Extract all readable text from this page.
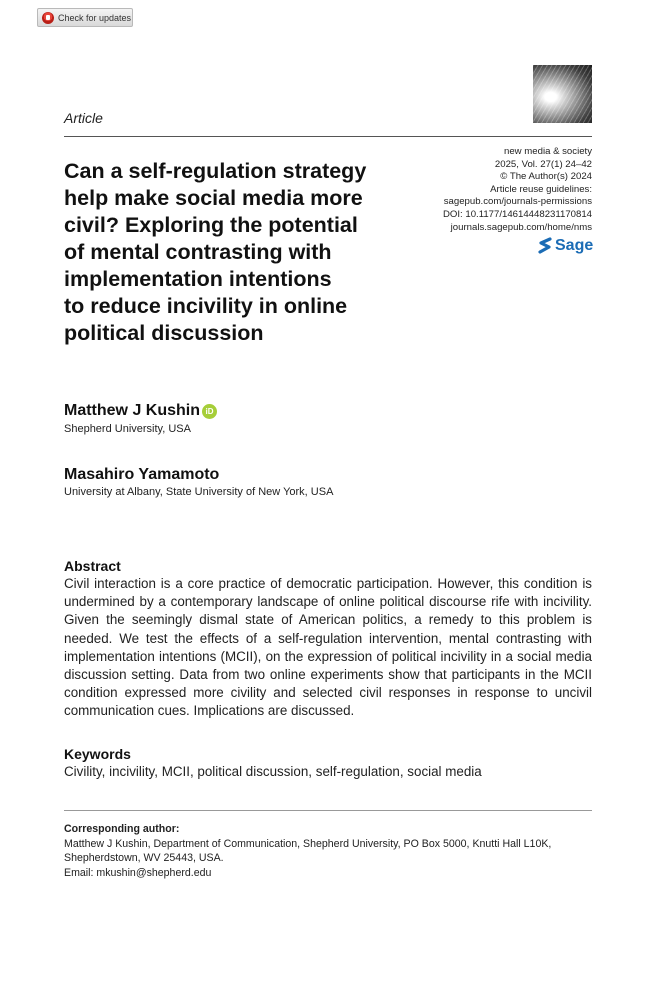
Check for updates
Article
new media & society
2025, Vol. 27(1) 24–42
© The Author(s) 2024
Article reuse guidelines:
sagepub.com/journals-permissions
DOI: 10.1177/14614448231170814
journals.sagepub.com/home/nms
Sage
Can a self-regulation strategy
help make social media more
civil? Exploring the potential
of mental contrasting with
implementation intentions
to reduce incivility in online
political discussion
Matthew J Kushin iD
Shepherd University, USA
Masahiro Yamamoto
University at Albany, State University of New York, USA
Abstract

Civil interaction is a core practice of democratic participation. However, this condition is undermined by a contemporary landscape of online political discourse rife with incivility. Given the seemingly dismal state of American politics, a remedy to this problem is needed. We test the effects of a self-regulation intervention, mental contrasting with implementation intentions (MCII), on the expression of political incivility in a social media discussion setting. Data from two online experiments show that participants in the MCII condition expressed more civility and selected civil responses in response to uncivil communication cues. Implications are discussed.

Keywords
Civility, incivility, MCII, political discussion, self-regulation, social media
Corresponding author:
Matthew J Kushin, Department of Communication, Shepherd University, PO Box 5000, Knutti Hall L10K,
Shepherdstown, WV 25443, USA.
Email: mkushin@shepherd.edu
